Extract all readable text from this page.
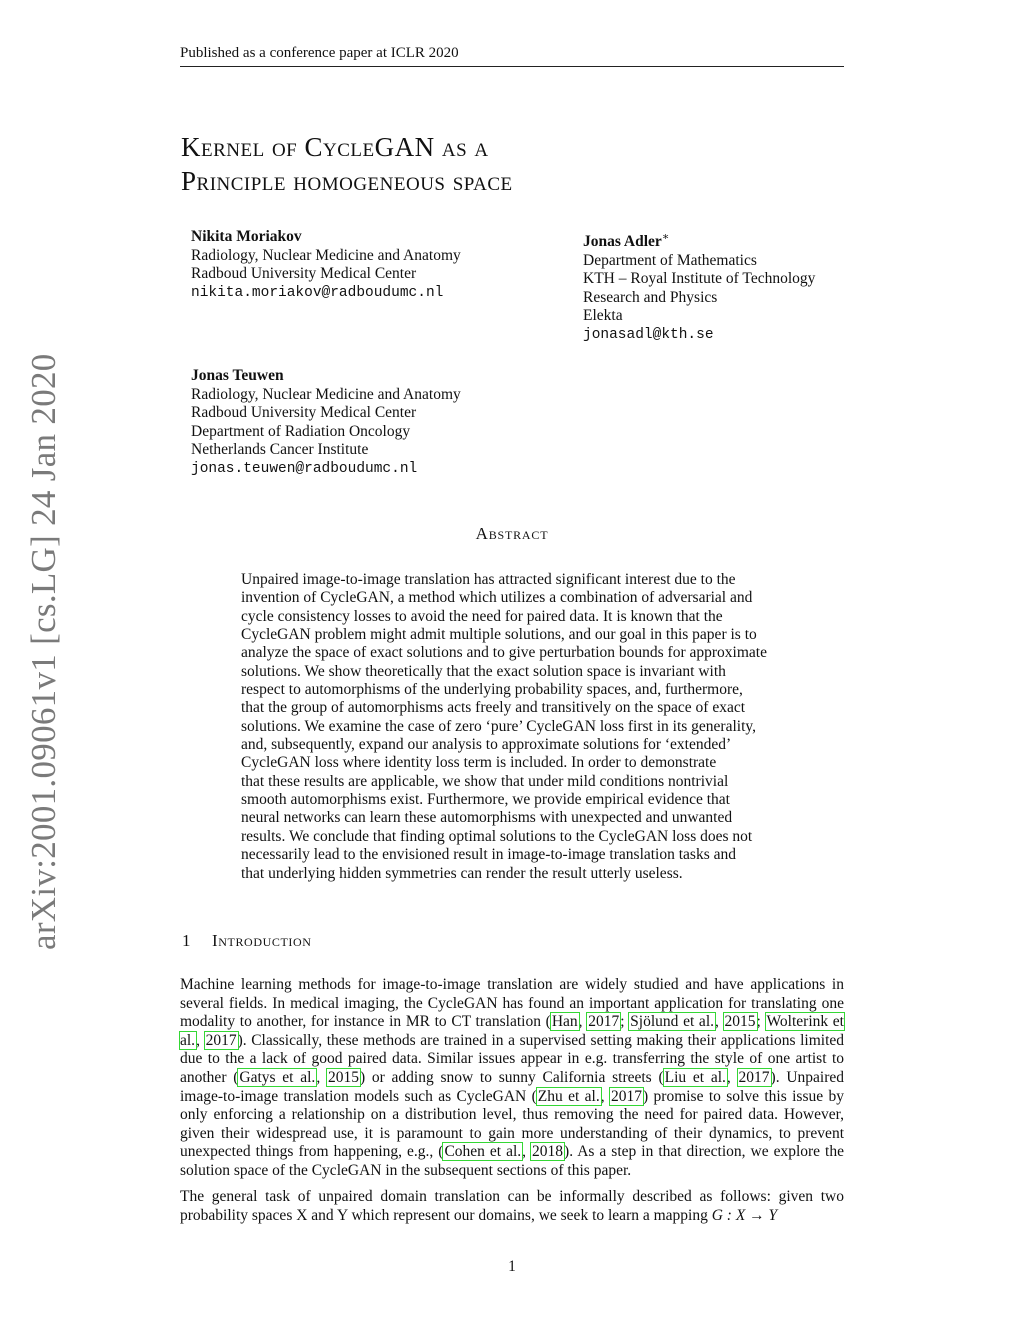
Published as a conference paper at ICLR 2020
Kernel of CycleGAN as a
Principle homogeneous space
arXiv:2001.09061v1 [cs.LG] 24 Jan 2020
Nikita Moriakov
Radiology, Nuclear Medicine and Anatomy
Radboud University Medical Center
nikita.moriakov@radboudumc.nl
Jonas Adler∗
Department of Mathematics
KTH – Royal Institute of Technology
Research and Physics
Elekta
jonasadl@kth.se
Jonas Teuwen
Radiology, Nuclear Medicine and Anatomy
Radboud University Medical Center
Department of Radiation Oncology
Netherlands Cancer Institute
jonas.teuwen@radboudumc.nl
Abstract
Unpaired image-to-image translation has attracted significant interest due to the
invention of CycleGAN, a method which utilizes a combination of adversarial and
cycle consistency losses to avoid the need for paired data. It is known that the
CycleGAN problem might admit multiple solutions, and our goal in this paper is to
analyze the space of exact solutions and to give perturbation bounds for approximate
solutions. We show theoretically that the exact solution space is invariant with
respect to automorphisms of the underlying probability spaces, and, furthermore,
that the group of automorphisms acts freely and transitively on the space of exact
solutions. We examine the case of zero ‘pure’ CycleGAN loss first in its generality,
and, subsequently, expand our analysis to approximate solutions for ‘extended’
CycleGAN loss where identity loss term is included. In order to demonstrate
that these results are applicable, we show that under mild conditions nontrivial
smooth automorphisms exist. Furthermore, we provide empirical evidence that
neural networks can learn these automorphisms with unexpected and unwanted
results. We conclude that finding optimal solutions to the CycleGAN loss does not
necessarily lead to the envisioned result in image-to-image translation tasks and
that underlying hidden symmetries can render the result utterly useless.
1 Introduction
Machine learning methods for image-to-image translation are widely studied and have applications in several fields. In medical imaging, the CycleGAN has found an important application for translating one modality to another, for instance in MR to CT translation (Han, 2017; Sjölund et al., 2015; Wolterink et al., 2017). Classically, these methods are trained in a supervised setting making their applications limited due to the a lack of good paired data. Similar issues appear in e.g. transferring the style of one artist to another (Gatys et al., 2015) or adding snow to sunny California streets (Liu et al., 2017). Unpaired image-to-image translation models such as CycleGAN (Zhu et al., 2017) promise to solve this issue by only enforcing a relationship on a distribution level, thus removing the need for paired data. However, given their widespread use, it is paramount to gain more understanding of their dynamics, to prevent unexpected things from happening, e.g., (Cohen et al., 2018). As a step in that direction, we explore the solution space of the CycleGAN in the subsequent sections of this paper.
The general task of unpaired domain translation can be informally described as follows: given two probability spaces X and Y which represent our domains, we seek to learn a mapping G : X → Y
1
